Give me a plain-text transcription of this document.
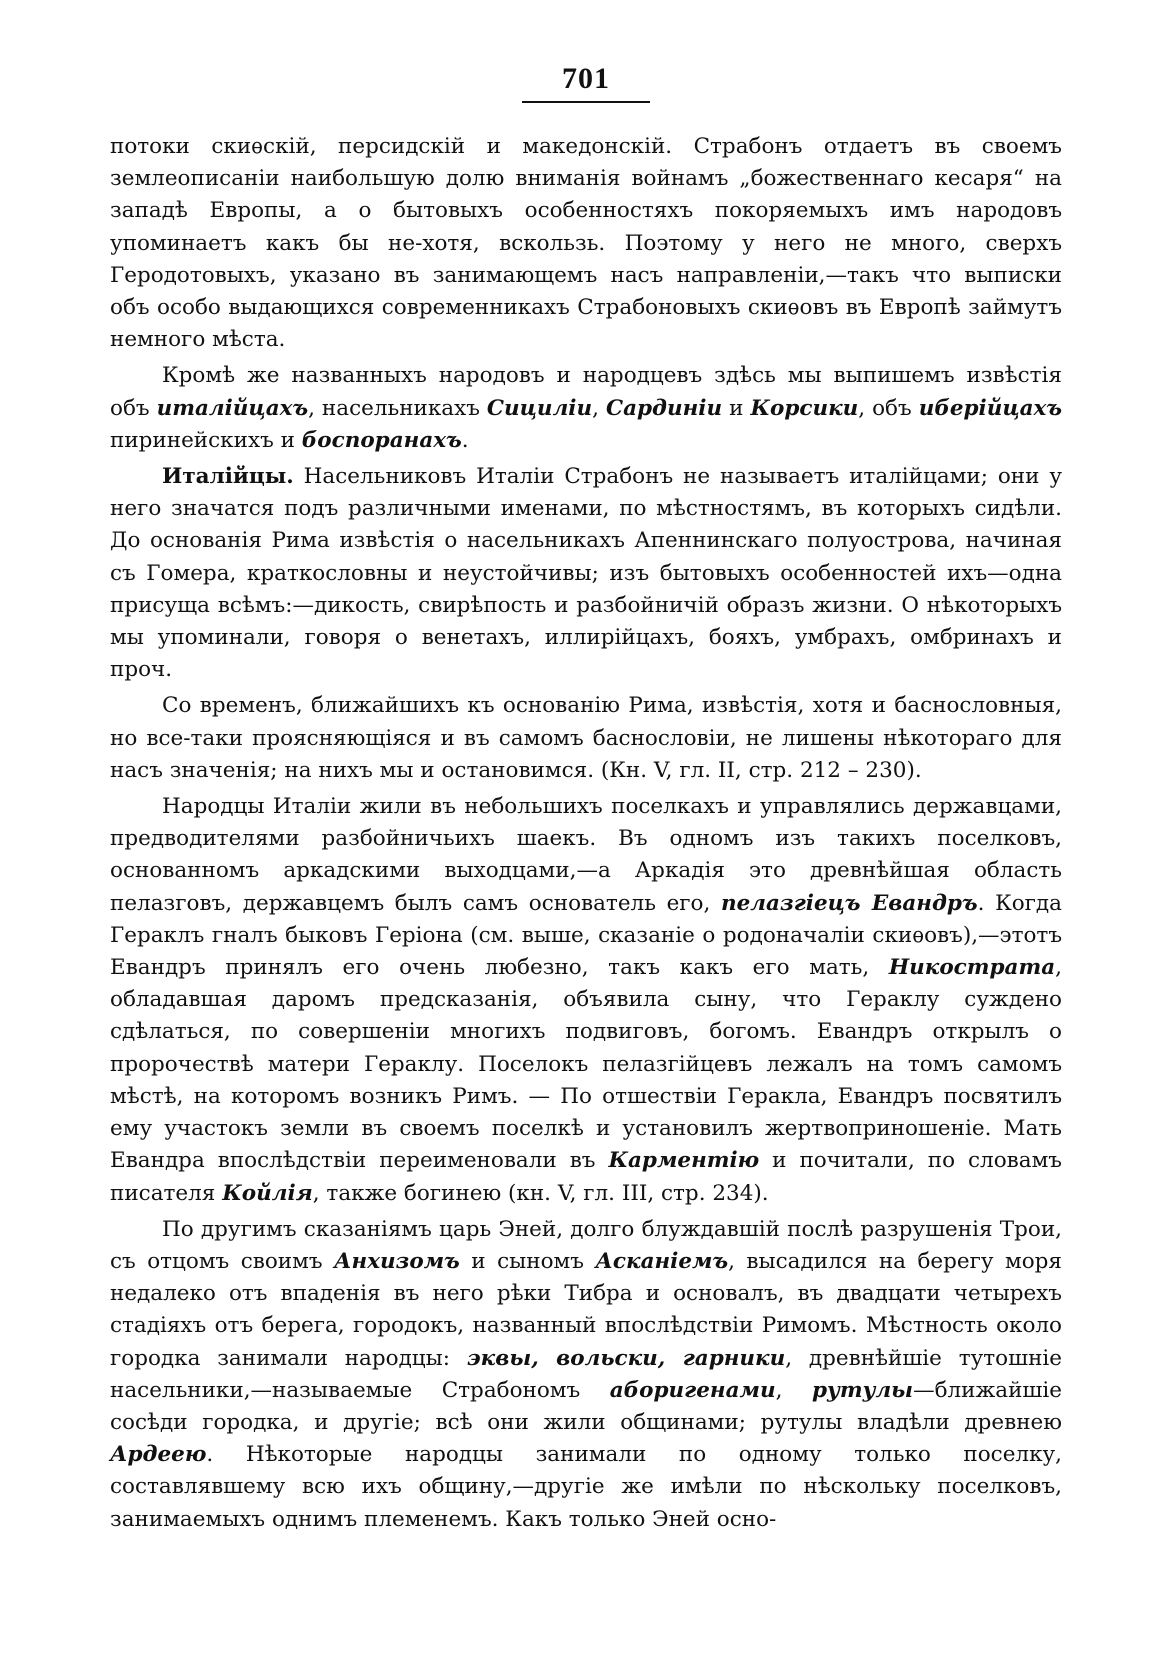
701

потоки скиѳскій, персидскій и македонскій. Страбонъ отдаетъ въ своемъ землеописаніи наибольшую долю вниманія войнамъ „божественнаго кесаря“ на западѣ Европы, а о бытовыхъ особенностяхъ покоряемыхъ имъ народовъ упоминаетъ какъ бы не-хотя, вскользь. Поэтому у него не много, сверхъ Геродотовыхъ, указано въ занимающемъ насъ направленіи,—такъ что выписки объ особо выдающихся современникахъ Страбоновыхъ скиѳовъ въ Европѣ займутъ немного мѣста.

Кромѣ же названныхъ народовъ и народцевъ здѣсь мы выпишемъ извѣстія объ италійцахъ, насельникахъ Сициліи, Сардиніи и Корсики, объ иберійцахъ пиринейскихъ и боспоранахъ.

Италійцы. Насельниковъ Италіи Страбонъ не называетъ италійцами; они у него значатся подъ различными именами, по мѣстностямъ, въ которыхъ сидѣли. До основанія Рима извѣстія о насельникахъ Апеннинскаго полуострова, начиная съ Гомера, краткословны и неустойчивы; изъ бытовыхъ особенностей ихъ—одна присуща всѣмъ:—дикость, свирѣпость и разбойничій образъ жизни. О нѣкоторыхъ мы упоминали, говоря о венетахъ, иллирійцахъ, бояхъ, умбрахъ, омбринахъ и проч.

Со временъ, ближайшихъ къ основанію Рима, извѣстія, хотя и баснословныя, но все-таки проясняющіяся и въ самомъ баснословіи, не лишены нѣкотораго для насъ значенія; на нихъ мы и остановимся. (Кн. V, гл. II, стр. 212 – 230).

Народцы Италіи жили въ небольшихъ поселкахъ и управлялись державцами, предводителями разбойничьихъ шаекъ. Въ одномъ изъ такихъ поселковъ, основанномъ аркадскими выходцами,—а Аркадія это древнѣйшая область пелазговъ, державцемъ былъ самъ основатель его, пелазгіецъ Евандръ. Когда Гераклъ гналъ быковъ Геріона (см. выше, сказаніе о родоначаліи скиѳовъ),—этотъ Евандръ принялъ его очень любезно, такъ какъ его мать, Никострата, обладавшая даромъ предсказанія, объявила сыну, что Гераклу суждено сдѣлаться, по совершеніи многихъ подвиговъ, богомъ. Евандръ открылъ о пророчествѣ матери Гераклу. Поселокъ пелазгійцевъ лежалъ на томъ самомъ мѣстѣ, на которомъ возникъ Римъ. — По отшествіи Геракла, Евандръ посвятилъ ему участокъ земли въ своемъ поселкѣ и установилъ жертвоприношеніе. Мать Евандра впослѣдствіи переименовали въ Карментію и почитали, по словамъ писателя Койлія, также богинею (кн. V, гл. III, стр. 234).

По другимъ сказаніямъ царь Эней, долго блуждавшій послѣ разрушенія Трои, съ отцомъ своимъ Анхизомъ и сыномъ Асканіемъ, высадился на берегу моря недалеко отъ впаденія въ него рѣки Тибра и основалъ, въ двадцати четырехъ стадіяхъ отъ берега, городокъ, названный впослѣдствіи Римомъ. Мѣстность около городка занимали народцы: эквы, вольски, гарники, древнѣйшіе тутошніе насельники,—называемые Страбономъ аборигенами, рутулы—ближайшіе сосѣди городка, и другіе; всѣ они жили общинами; рутулы владѣли древнею Ардеею. Нѣкоторые народцы занимали по одному только поселку, составлявшему всю ихъ общину,—другіе же имѣли по нѣскольку поселковъ, занимаемыхъ однимъ племенемъ. Какъ только Эней осно-
